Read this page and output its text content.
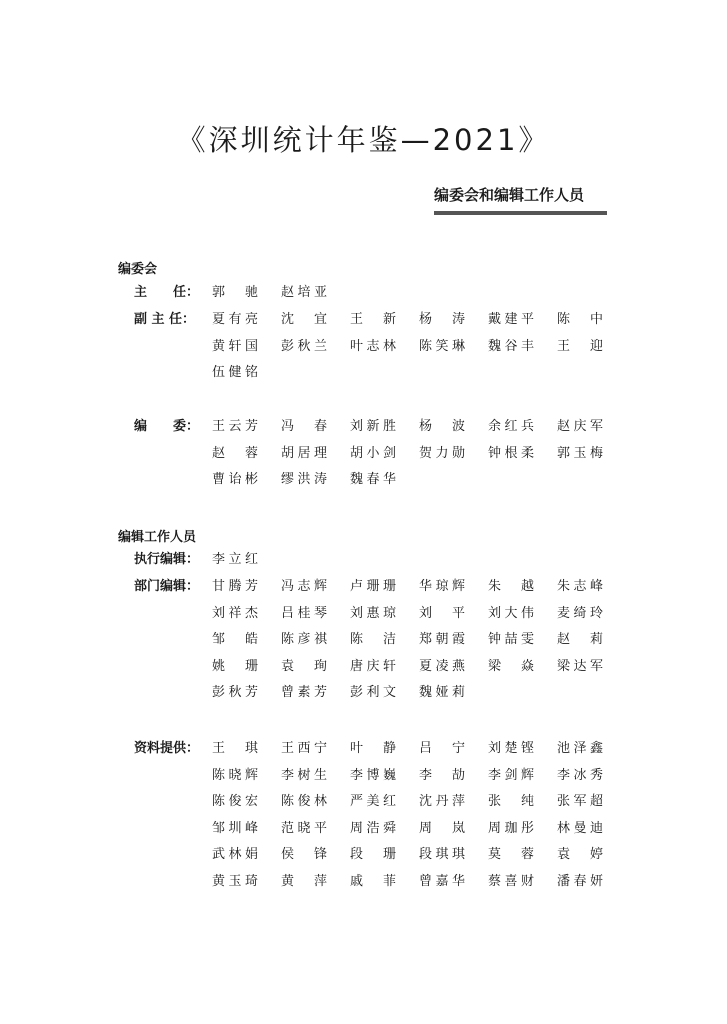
《深圳统计年鉴—2021》
编委会和编辑工作人员
编委会
主　　任： 郭　驰 赵培亚
副 主 任：	夏有亮 沈　宜 王　新 杨　涛 戴建平 陈　中
黄轩国 彭秋兰 叶志林 陈笑琳 魏谷丰 王　迎
伍健铭
编　　委： 王云芳 冯　春 刘新胜 杨　波 余红兵 赵庆军
赵　蓉 胡居理 胡小剑 贺力勋 钟根柔 郭玉梅
曹诒彬 缪洪涛 魏春华
编辑工作人员
执行编辑： 李立红
部门编辑： 甘腾芳 冯志辉 卢珊珊 华琼辉 朱　越 朱志峰
刘祥杰 吕桂琴 刘惠琼 刘　平 刘大伟 麦绮玲
邹　皓 陈彦祺 陈　洁 郑朝霞 钟喆雯 赵　莉
姚　珊 袁　珣 唐庆轩 夏凌燕 梁　焱 梁达军
彭秋芳 曾素芳 彭利文 魏娅莉
资料提供： 王　琪 王西宁 叶　静 吕　宁 刘楚铿 池泽鑫
陈晓辉 李树生 李博巍 李　劼 李剑辉 李冰秀
陈俊宏 陈俊林 严美红 沈丹萍 张　纯 张军超
邹圳峰 范晓平 周浩舜 周　岚 周珈彤 林曼迪
武林娟 侯　锋 段　珊 段琪琪 莫　蓉 袁　婷
黄玉琦 黄　萍 戚　菲 曾嘉华 蔡喜财 潘春妍
